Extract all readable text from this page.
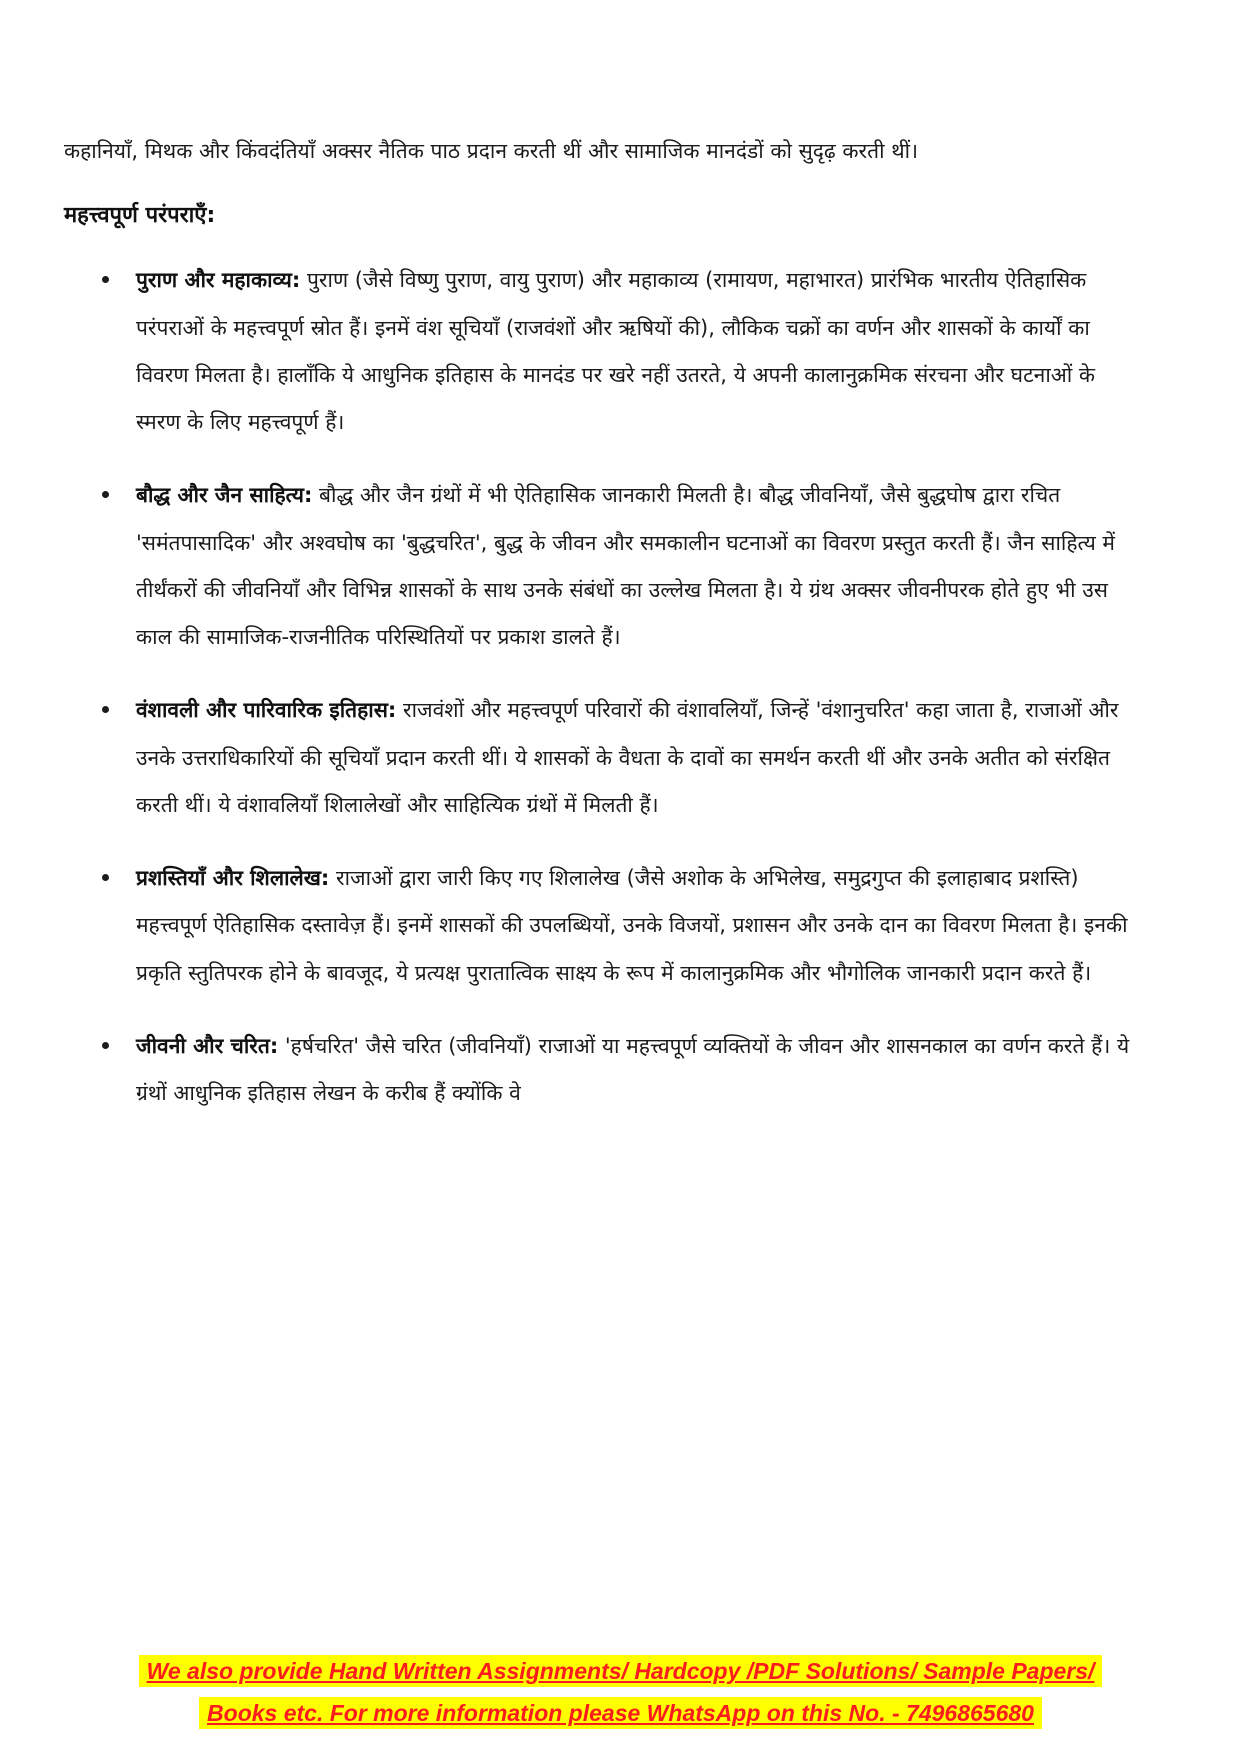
कहानियाँ, मिथक और किंवदंतियाँ अक्सर नैतिक पाठ प्रदान करती थीं और सामाजिक मानदंडों को सुदृढ़ करती थीं।

महत्त्वपूर्ण परंपराएँ:
पुराण और महाकाव्य: पुराण (जैसे विष्णु पुराण, वायु पुराण) और महाकाव्य (रामायण, महाभारत) प्रारंभिक भारतीय ऐतिहासिक परंपराओं के महत्त्वपूर्ण स्रोत हैं। इनमें वंश सूचियाँ (राजवंशों और ऋषियों की), लौकिक चक्रों का वर्णन और शासकों के कार्यों का विवरण मिलता है। हालाँकि ये आधुनिक इतिहास के मानदंड पर खरे नहीं उतरते, ये अपनी कालानुक्रमिक संरचना और घटनाओं के स्मरण के लिए महत्त्वपूर्ण हैं।
बौद्ध और जैन साहित्य: बौद्ध और जैन ग्रंथों में भी ऐतिहासिक जानकारी मिलती है। बौद्ध जीवनियाँ, जैसे बुद्धघोष द्वारा रचित 'समंतपासादिक' और अश्वघोष का 'बुद्धचरित', बुद्ध के जीवन और समकालीन घटनाओं का विवरण प्रस्तुत करती हैं। जैन साहित्य में तीर्थंकरों की जीवनियाँ और विभिन्न शासकों के साथ उनके संबंधों का उल्लेख मिलता है। ये ग्रंथ अक्सर जीवनीपरक होते हुए भी उस काल की सामाजिक-राजनीतिक परिस्थितियों पर प्रकाश डालते हैं।
वंशावली और पारिवारिक इतिहास: राजवंशों और महत्त्वपूर्ण परिवारों की वंशावलियाँ, जिन्हें 'वंशानुचरित' कहा जाता है, राजाओं और उनके उत्तराधिकारियों की सूचियाँ प्रदान करती थीं। ये शासकों के वैधता के दावों का समर्थन करती थीं और उनके अतीत को संरक्षित करती थीं। ये वंशावलियाँ शिलालेखों और साहित्यिक ग्रंथों में मिलती हैं।
प्रशस्तियाँ और शिलालेख: राजाओं द्वारा जारी किए गए शिलालेख (जैसे अशोक के अभिलेख, समुद्रगुप्त की इलाहाबाद प्रशस्ति) महत्त्वपूर्ण ऐतिहासिक दस्तावेज़ हैं। इनमें शासकों की उपलब्धियों, उनके विजयों, प्रशासन और उनके दान का विवरण मिलता है। इनकी प्रकृति स्तुतिपरक होने के बावजूद, ये प्रत्यक्ष पुरातात्विक साक्ष्य के रूप में कालानुक्रमिक और भौगोलिक जानकारी प्रदान करते हैं।
जीवनी और चरित: 'हर्षचरित' जैसे चरित (जीवनियाँ) राजाओं या महत्त्वपूर्ण व्यक्तियों के जीवन और शासनकाल का वर्णन करते हैं। ये ग्रंथों आधुनिक इतिहास लेखन के करीब हैं क्योंकि वे
We also provide Hand Written Assignments/ Hardcopy /PDF Solutions/ Sample Papers/
Books etc. For more information please WhatsApp on this No. - 7496865680
